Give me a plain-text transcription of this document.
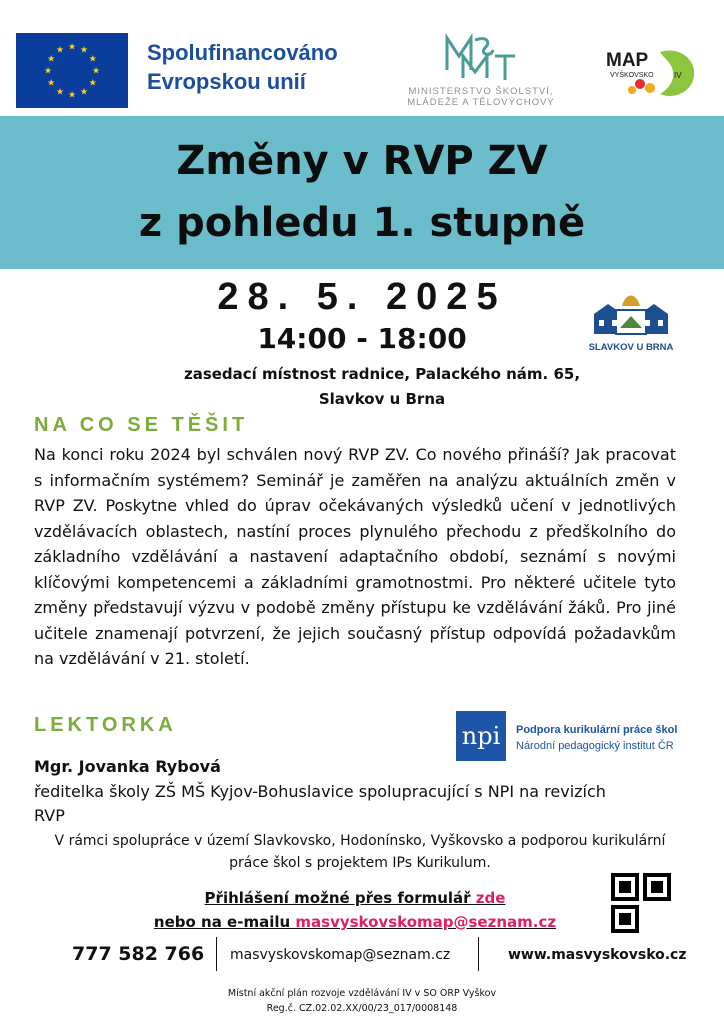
★
★
★
★
★
★
★
★
★ ★ ★
★ Spolufinancováno
Evropskou unií	MINISTERSTVO ŠKOLSTVÍ,
MLÁDEŽE A TĚLOVÝCHOVY
MAP
VYŠKOVSKO	IV
Změny v RVP ZV
z pohledu 1. stupně
28. 5. 2025
14:00 - 18:00
zasedací místnost radnice, Palackého nám. 65,
Slavkov u Brna
SLAVKOV U BRNA
NA CO SE TĚŠIT
Na konci roku 2024 byl schválen nový RVP ZV. Co nového přináší? Jak pracovat s informačním systémem? Seminář je zaměřen na analýzu aktuálních změn v RVP ZV. Poskytne vhled do úprav očekávaných výsledků učení v jednotlivých vzdělávacích oblastech, nastíní proces plynulého přechodu z předškolního do základního vzdělávání a nastavení adaptačního období, seznámí s novými klíčovými kompetencemi a základními gramotnostmi. Pro některé učitele tyto změny představují výzvu v podobě změny přístupu ke vzdělávání žáků. Pro jiné učitele znamenají potvrzení, že jejich současný přístup odpovídá požadavkům na vzdělávání v 21. století.
LEKTORKA	npi	Podpora kurikulární práce škol
Národní pedagogický institut ČR
Mgr. Jovanka Rybová
ředitelka školy ZŠ MŠ Kyjov-Bohuslavice spolupracující s NPI na revizích RVP
V rámci spolupráce v území Slavkovsko, Hodonínsko, Vyškovsko a podporou kurikulární práce škol s projektem IPs Kurikulum.
Přihlášení možné přes formulář zde
nebo na e-mailu masvyskovskomap@seznam.cz
777 582 766 masvyskovskomap@seznam.cz	www.masvyskovsko.cz
Místní akční plán rozvoje vzdělávání IV v SO ORP Vyškov
Reg.č. CZ.02.02.XX/00/23_017/0008148
